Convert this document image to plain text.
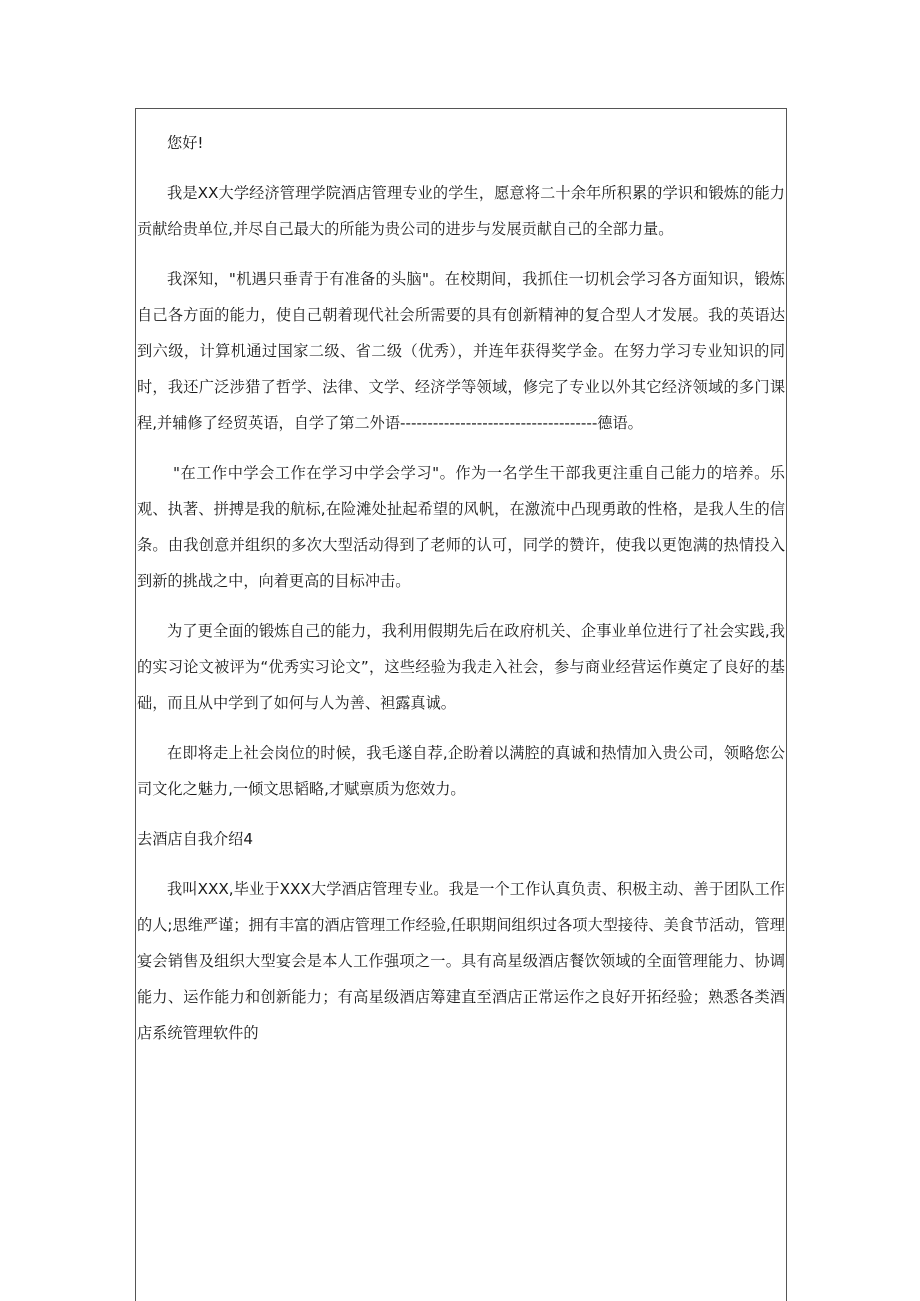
您好!

我是XX大学经济管理学院酒店管理专业的学生，愿意将二十余年所积累的学识和锻炼的能力贡献给贵单位,并尽自己最大的所能为贵公司的进步与发展贡献自己的全部力量。

我深知，"机遇只垂青于有准备的头脑"。在校期间，我抓住一切机会学习各方面知识，锻炼自己各方面的能力，使自己朝着现代社会所需要的具有创新精神的复合型人才发展。我的英语达到六级，计算机通过国家二级、省二级（优秀），并连年获得奖学金。在努力学习专业知识的同时，我还广泛涉猎了哲学、法律、文学、经济学等领域，修完了专业以外其它经济领域的多门课程,并辅修了经贸英语，自学了第二外语------------------------------------德语。

"在工作中学会工作在学习中学会学习"。作为一名学生干部我更注重自己能力的培养。乐观、执著、拼搏是我的航标,在险滩处扯起希望的风帆，在激流中凸现勇敢的性格，是我人生的信条。由我创意并组织的多次大型活动得到了老师的认可，同学的赞许，使我以更饱满的热情投入到新的挑战之中，向着更高的目标冲击。

为了更全面的锻炼自己的能力，我利用假期先后在政府机关、企事业单位进行了社会实践,我的实习论文被评为“优秀实习论文”，这些经验为我走入社会，参与商业经营运作奠定了良好的基础，而且从中学到了如何与人为善、袒露真诚。

在即将走上社会岗位的时候，我毛遂自荐,企盼着以满腔的真诚和热情加入贵公司，领略您公司文化之魅力,一倾文思韬略,才赋禀质为您效力。

去酒店自我介绍4

我叫XXX,毕业于XXX大学酒店管理专业。我是一个工作认真负责、积极主动、善于团队工作的人;思维严谨；拥有丰富的酒店管理工作经验,任职期间组织过各项大型接待、美食节活动，管理宴会销售及组织大型宴会是本人工作强项之一。具有高星级酒店餐饮领域的全面管理能力、协调能力、运作能力和创新能力；有高星级酒店筹建直至酒店正常运作之良好开拓经验；熟悉各类酒店系统管理软件的
